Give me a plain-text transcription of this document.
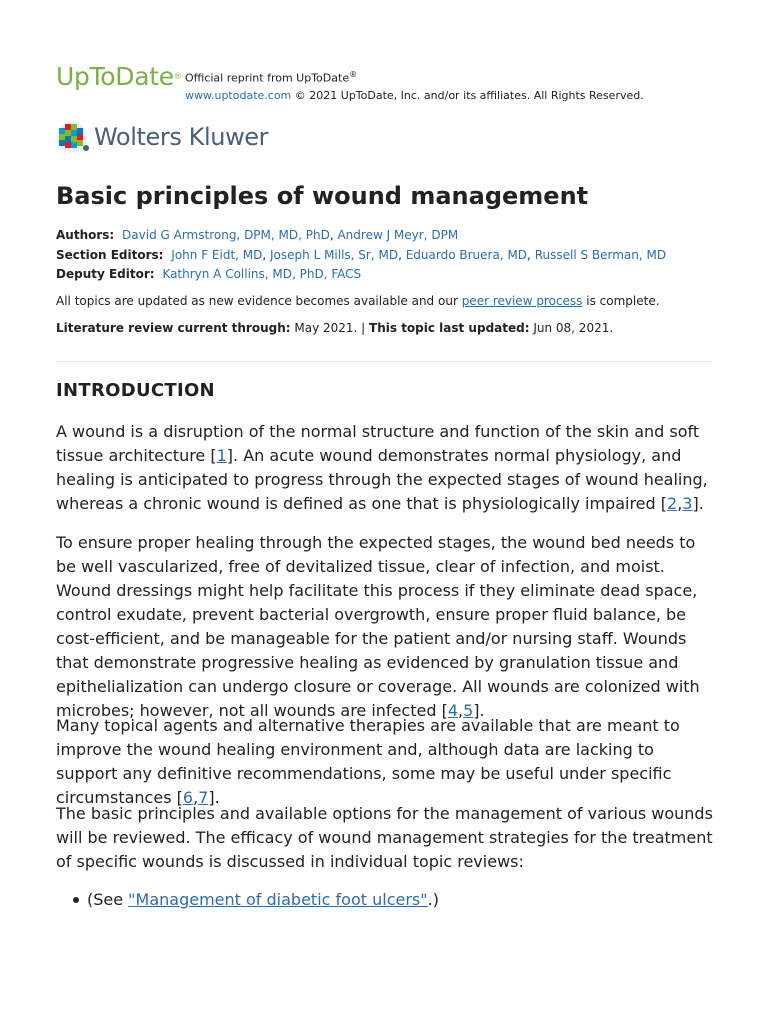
UpToDate® Official reprint from UpToDate®
www.uptodate.com © 2021 UpToDate, Inc. and/or its affiliates. All Rights Reserved.
Wolters Kluwer
Basic principles of wound management
Authors: David G Armstrong, DPM, MD, PhD, Andrew J Meyr, DPM
Section Editors: John F Eidt, MD, Joseph L Mills, Sr, MD, Eduardo Bruera, MD, Russell S Berman, MD
Deputy Editor: Kathryn A Collins, MD, PhD, FACS
All topics are updated as new evidence becomes available and our peer review process is complete.
Literature review current through: May 2021. | This topic last updated: Jun 08, 2021.
INTRODUCTION

A wound is a disruption of the normal structure and function of the skin and soft tissue architecture [1]. An acute wound demonstrates normal physiology, and healing is anticipated to progress through the expected stages of wound healing, whereas a chronic wound is defined as one that is physiologically impaired [2,3].

To ensure proper healing through the expected stages, the wound bed needs to be well vascularized, free of devitalized tissue, clear of infection, and moist. Wound dressings might help facilitate this process if they eliminate dead space, control exudate, prevent bacterial overgrowth, ensure proper fluid balance, be cost-efficient, and be manageable for the patient and/or nursing staff. Wounds that demonstrate progressive healing as evidenced by granulation tissue and epithelialization can undergo closure or coverage. All wounds are colonized with microbes; however, not all wounds are infected [4,5].

Many topical agents and alternative therapies are available that are meant to improve the wound healing environment and, although data are lacking to support any definitive recommendations, some may be useful under specific circumstances [6,7].

The basic principles and available options for the management of various wounds will be reviewed. The efficacy of wound management strategies for the treatment of specific wounds is discussed in individual topic reviews:

(See "Management of diabetic foot ulcers".)
